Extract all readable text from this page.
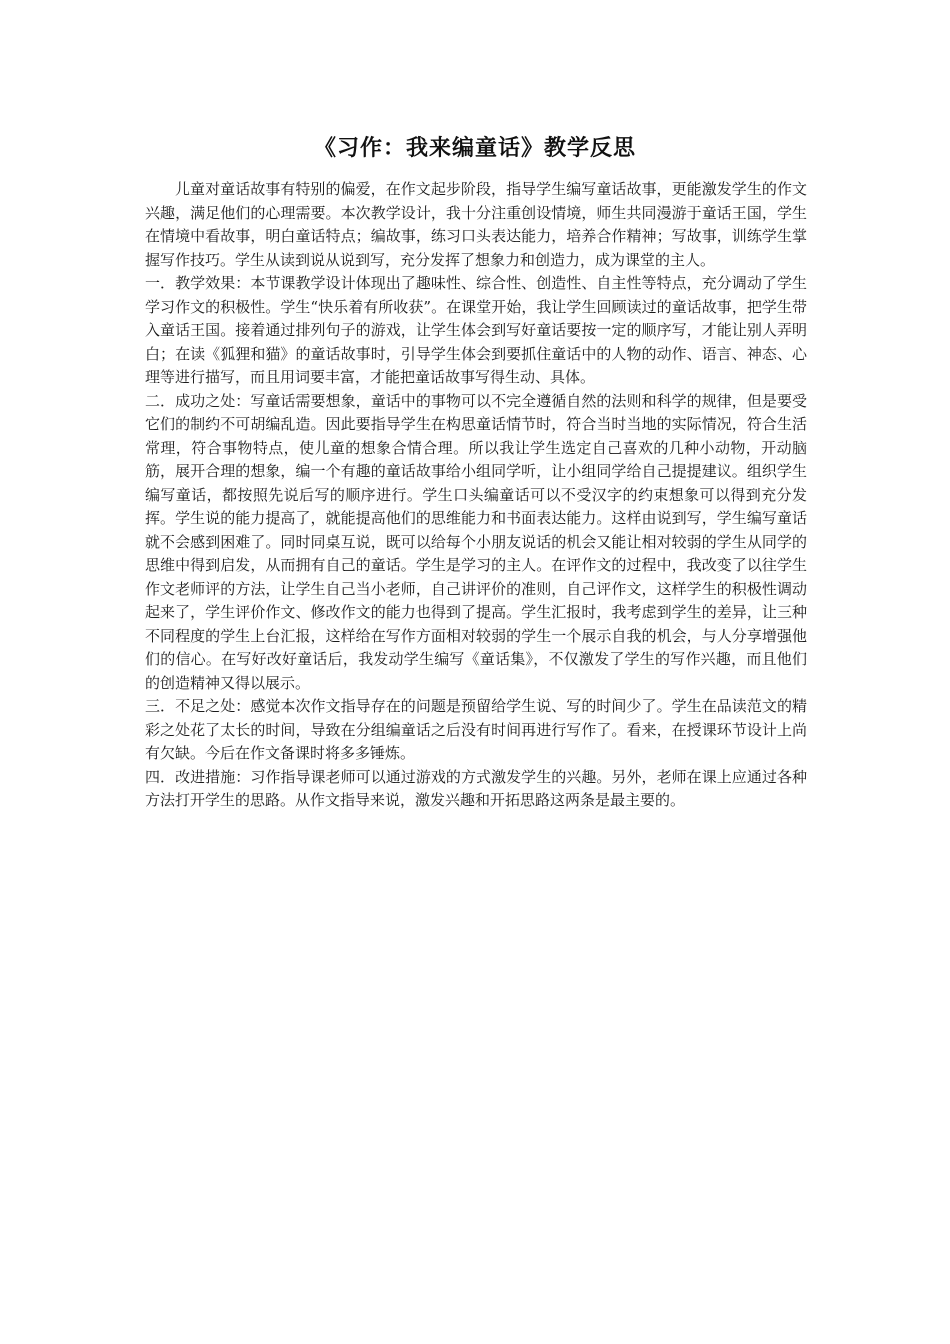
《习作：我来编童话》教学反思

儿童对童话故事有特别的偏爱，在作文起步阶段，指导学生编写童话故事，更能激发学生的作文兴趣，满足他们的心理需要。本次教学设计，我十分注重创设情境，师生共同漫游于童话王国，学生在情境中看故事，明白童话特点；编故事，练习口头表达能力，培养合作精神；写故事，训练学生掌握写作技巧。学生从读到说从说到写，充分发挥了想象力和创造力，成为课堂的主人。

一．教学效果：本节课教学设计体现出了趣味性、综合性、创造性、自主性等特点，充分调动了学生学习作文的积极性。学生“快乐着有所收获”。在课堂开始，我让学生回顾读过的童话故事，把学生带入童话王国。接着通过排列句子的游戏，让学生体会到写好童话要按一定的顺序写，才能让别人弄明白；在读《狐狸和猫》的童话故事时，引导学生体会到要抓住童话中的人物的动作、语言、神态、心理等进行描写，而且用词要丰富，才能把童话故事写得生动、具体。

二．成功之处：写童话需要想象，童话中的事物可以不完全遵循自然的法则和科学的规律，但是要受它们的制约不可胡编乱造。因此要指导学生在构思童话情节时，符合当时当地的实际情况，符合生活常理，符合事物特点，使儿童的想象合情合理。所以我让学生选定自己喜欢的几种小动物，开动脑筋，展开合理的想象，编一个有趣的童话故事给小组同学听，让小组同学给自己提提建议。组织学生编写童话，都按照先说后写的顺序进行。学生口头编童话可以不受汉字的约束想象可以得到充分发挥。学生说的能力提高了，就能提高他们的思维能力和书面表达能力。这样由说到写，学生编写童话就不会感到困难了。同时同桌互说，既可以给每个小朋友说话的机会又能让相对较弱的学生从同学的思维中得到启发，从而拥有自己的童话。学生是学习的主人。在评作文的过程中，我改变了以往学生作文老师评的方法，让学生自己当小老师，自己讲评价的准则，自己评作文，这样学生的积极性调动起来了，学生评价作文、修改作文的能力也得到了提高。学生汇报时，我考虑到学生的差异，让三种不同程度的学生上台汇报，这样给在写作方面相对较弱的学生一个展示自我的机会，与人分享增强他们的信心。在写好改好童话后，我发动学生编写《童话集》，不仅激发了学生的写作兴趣，而且他们的创造精神又得以展示。

三．不足之处：感觉本次作文指导存在的问题是预留给学生说、写的时间少了。学生在品读范文的精彩之处花了太长的时间，导致在分组编童话之后没有时间再进行写作了。看来，在授课环节设计上尚有欠缺。今后在作文备课时将多多锤炼。

四．改进措施：习作指导课老师可以通过游戏的方式激发学生的兴趣。另外，老师在课上应通过各种方法打开学生的思路。从作文指导来说，激发兴趣和开拓思路这两条是最主要的。
